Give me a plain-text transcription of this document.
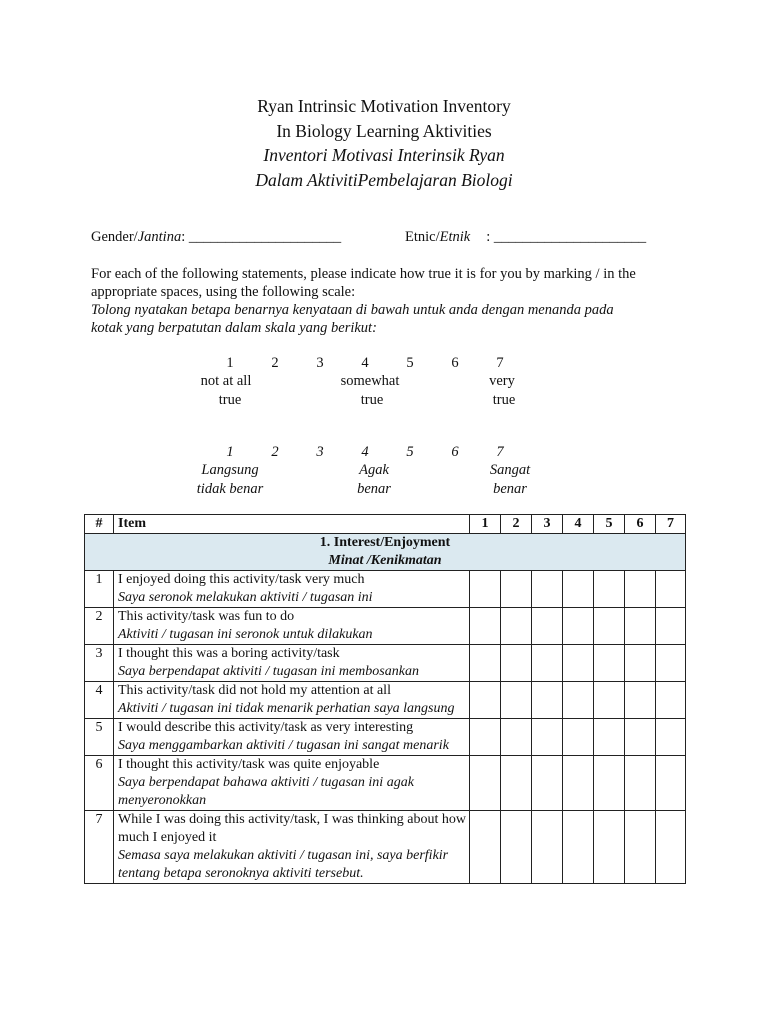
Ryan Intrinsic Motivation Inventory
In Biology Learning Aktivities
Inventori Motivasi Interinsik Ryan
Dalam AktivitiPembelajaran Biologi
Gender/Jantina: _____________________	Etnic/Etnik : _____________________
For each of the following statements, please indicate how true it is for you by marking / in the
appropriate spaces, using the following scale:
Tolong nyatakan betapa benarnya kenyataan di bawah untuk anda dengan menanda pada
kotak yang berpatutan dalam skala yang berikut:
1	2	3	4	5	6	7
not at all
true
somewhat
true
very
true
1	2	3	4	5	6	7
Langsung
tidak benar
Agak
benar
Sangat
benar
#	Item	1	2	3	4	5	6	7

1. Interest/Enjoyment
Minat /Kenikmatan								

1	I enjoyed doing this activity/task very much
Saya seronok melakukan aktiviti / tugasan ini							

2	This activity/task was fun to do
Aktiviti / tugasan ini seronok untuk dilakukan							

3	I thought this was a boring activity/task
Saya berpendapat aktiviti / tugasan ini membosankan							

4	This activity/task did not hold my attention at all
Aktiviti / tugasan ini tidak menarik perhatian saya langsung							

5	I would describe this activity/task as very interesting
Saya menggambarkan aktiviti / tugasan ini sangat menarik							

6	I thought this activity/task was quite enjoyable
Saya berpendapat bahawa aktiviti / tugasan ini agak menyeronokkan							

7	While I was doing this activity/task, I was thinking about how much I enjoyed it
Semasa saya melakukan aktiviti / tugasan ini, saya berfikir tentang betapa seronoknya aktiviti tersebut.							
